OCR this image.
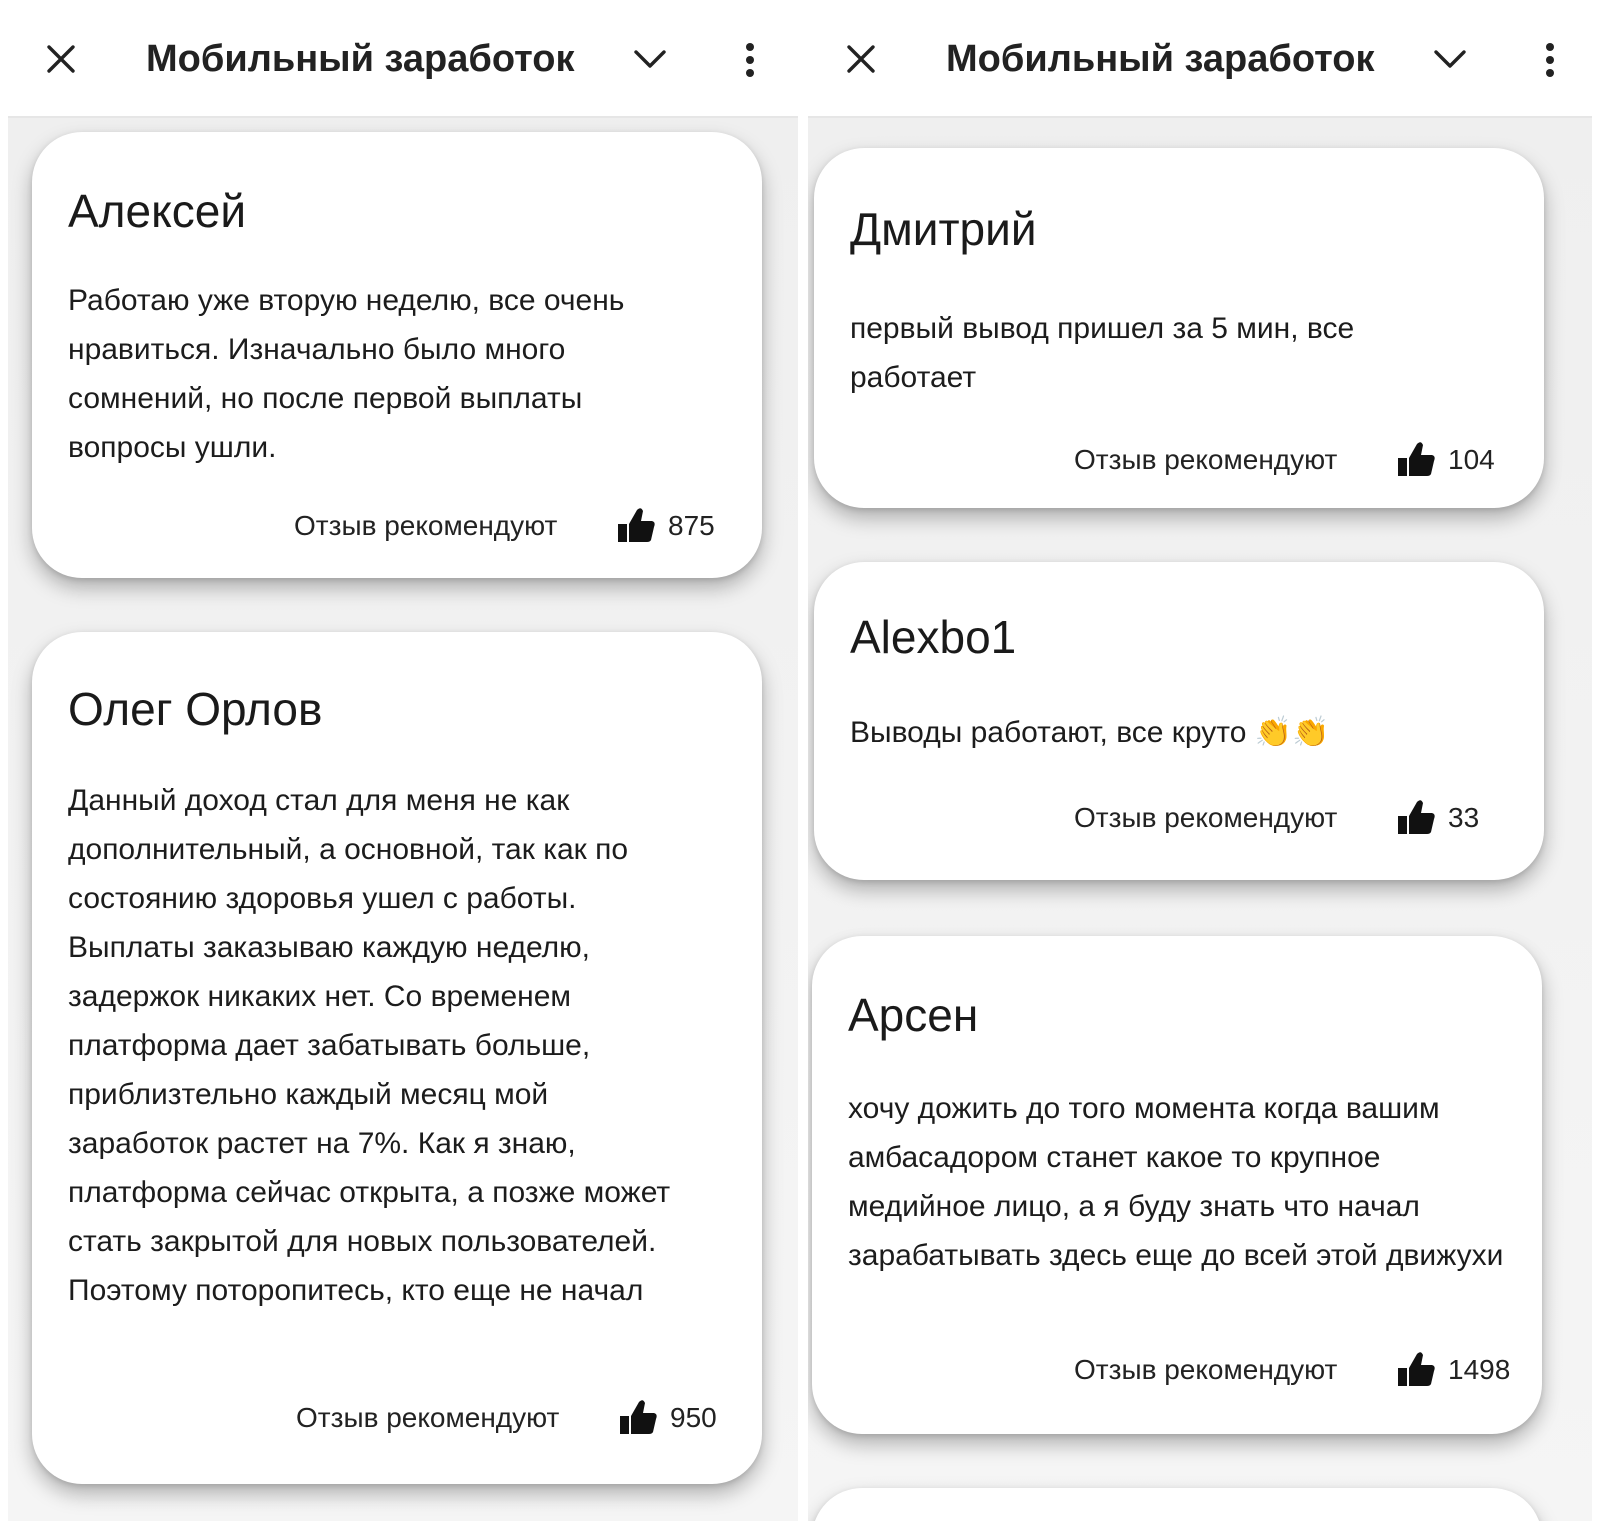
Мобильный заработок
Алексей
Работаю уже вторую неделю, все очень нравиться. Изначально было много сомнений, но после первой выплаты вопросы ушли.
Отзыв рекомендуют	875
Олег Орлов
Данный доход стал для меня не как дополнительный, а основной, так как по состоянию здоровья ушел с работы. Выплаты заказываю каждую неделю, задержок никаких нет. Со временем платформа дает забатывать больше, приблизтельно каждый месяц мой заработок растет на 7%. Как я знаю, платформа сейчас открыта, а позже может стать закрытой для новых пользователей. Поэтому поторопитесь, кто еще не начал
Отзыв рекомендуют	950
Мобильный заработок
Дмитрий
первый вывод пришел за 5 мин, все работает
Отзыв рекомендуют	104
Alexbo1
Выводы работают, все круто 👏👏
Отзыв рекомендуют	33
Арсен
хочу дожить до того момента когда вашим амбасадором станет какое то крупное медийное лицо, а я буду знать что начал зарабатывать здесь еще до всей этой движухи
Отзыв рекомендуют	1498
